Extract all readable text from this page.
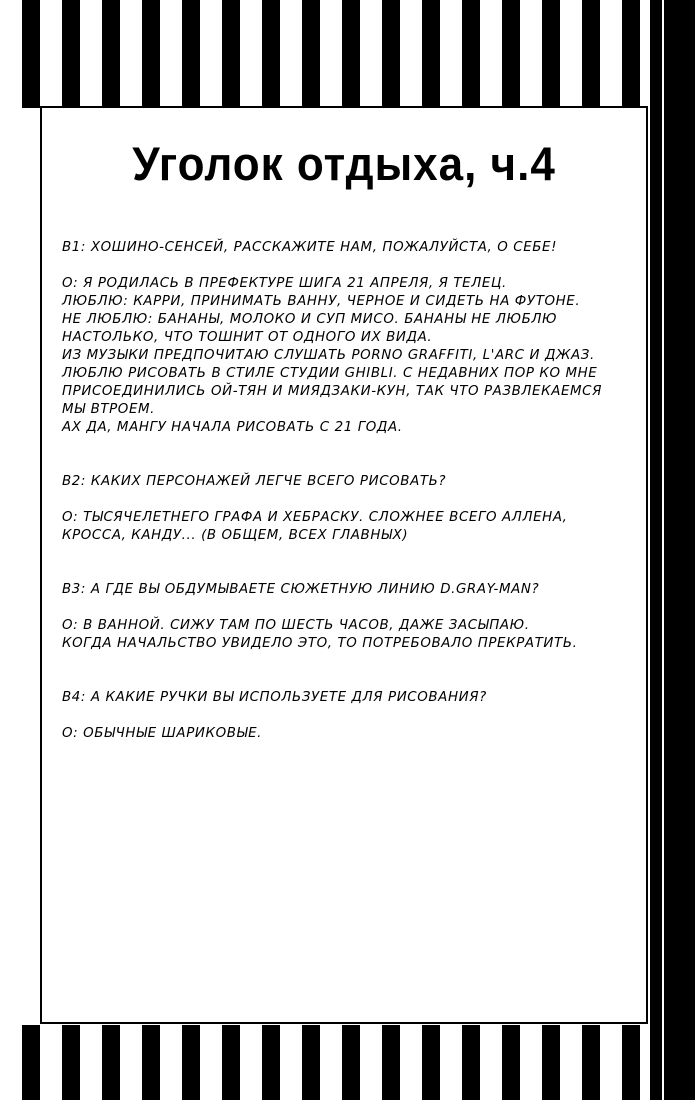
Уголок отдыха, ч.4
В1: ХОШИНО-СЕНСЕЙ, РАССКАЖИТЕ НАМ, ПОЖАЛУЙСТА, О СЕБЕ!
О: Я РОДИЛАСЬ В ПРЕФЕКТУРЕ ШИГА 21 АПРЕЛЯ, Я ТЕЛЕЦ.
ЛЮБЛЮ: КАРРИ, ПРИНИМАТЬ ВАННУ, ЧЕРНОЕ И СИДЕТЬ НА ФУТОНЕ.
НЕ ЛЮБЛЮ: БАНАНЫ, МОЛОКО И СУП МИСО. БАНАНЫ НЕ ЛЮБЛЮ
НАСТОЛЬКО, ЧТО ТОШНИТ ОТ ОДНОГО ИХ ВИДА.
ИЗ МУЗЫКИ ПРЕДПОЧИТАЮ СЛУШАТЬ PORNO GRAFFITI, L'ARC И ДЖАЗ.
ЛЮБЛЮ РИСОВАТЬ В СТИЛЕ СТУДИИ GHIBLI. С НЕДАВНИХ ПОР КО МНЕ
ПРИСОЕДИНИЛИСЬ ОЙ-ТЯН И МИЯДЗАКИ-КУН, ТАК ЧТО РАЗВЛЕКАЕМСЯ
МЫ ВТРОЕМ.
АХ ДА, МАНГУ НАЧАЛА РИСОВАТЬ С 21 ГОДА.
В2: КАКИХ ПЕРСОНАЖЕЙ ЛЕГЧЕ ВСЕГО РИСОВАТЬ?
О: ТЫСЯЧЕЛЕТНЕГО ГРАФА И ХЕБРАСКУ. СЛОЖНЕЕ ВСЕГО АЛЛЕНА,
КРОССА, КАНДУ... (В ОБЩЕМ, ВСЕХ ГЛАВНЫХ)
В3: А ГДЕ ВЫ ОБДУМЫВАЕТЕ СЮЖЕТНУЮ ЛИНИЮ D.GRAY-MAN?
О: В ВАННОЙ. СИЖУ ТАМ ПО ШЕСТЬ ЧАСОВ, ДАЖЕ ЗАСЫПАЮ.
КОГДА НАЧАЛЬСТВО УВИДЕЛО ЭТО, ТО ПОТРЕБОВАЛО ПРЕКРАТИТЬ.
В4: А КАКИЕ РУЧКИ ВЫ ИСПОЛЬЗУЕТЕ ДЛЯ РИСОВАНИЯ?
О: ОБЫЧНЫЕ ШАРИКОВЫЕ.
